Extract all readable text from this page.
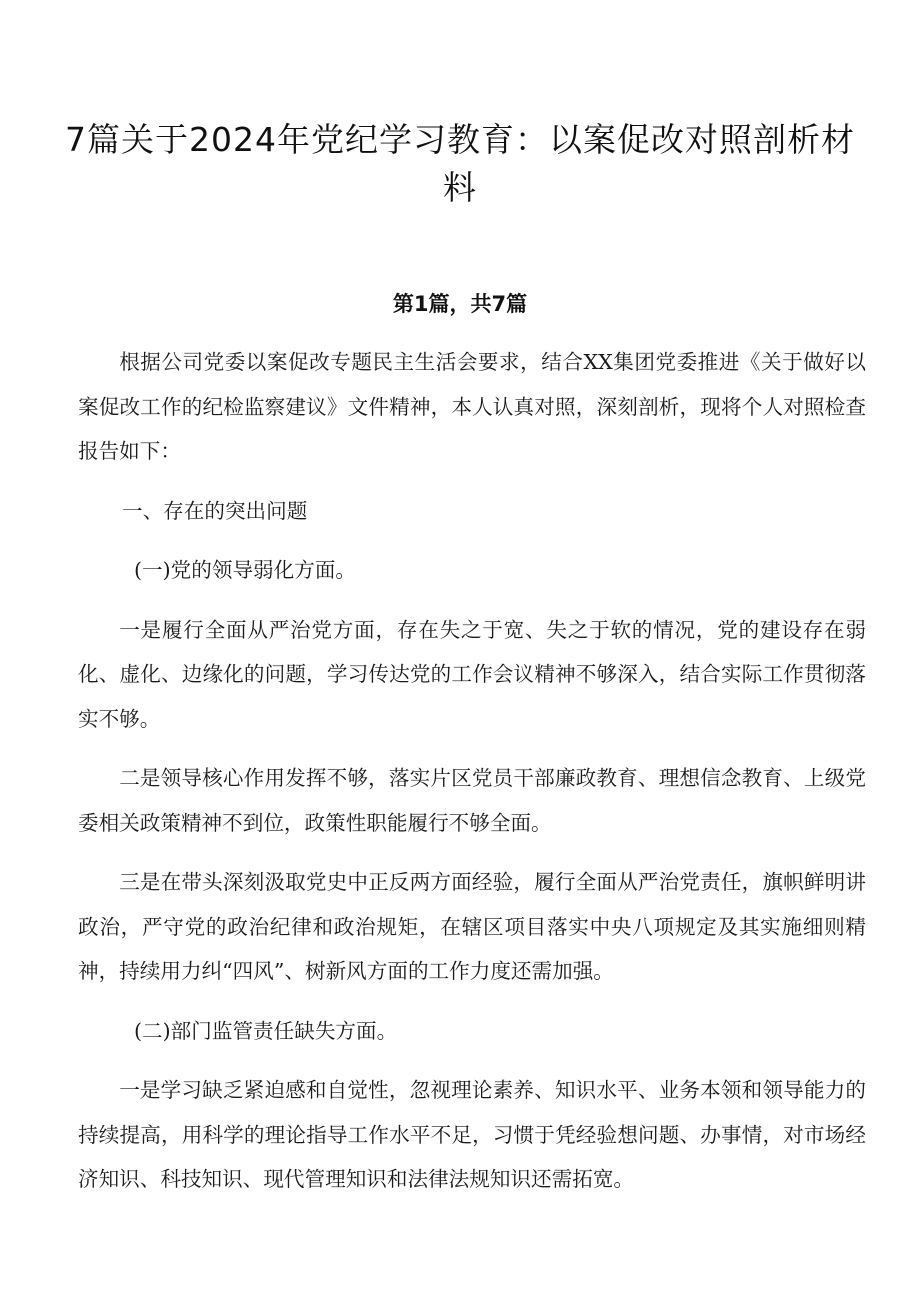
7篇关于2024年党纪学习教育：以案促改对照剖析材料
第1篇，共7篇

根据公司党委以案促改专题民主生活会要求，结合XX集团党委推进《关于做好以案促改工作的纪检监察建议》文件精神，本人认真对照，深刻剖析，现将个人对照检查报告如下：

一、存在的突出问题

(一)党的领导弱化方面。

一是履行全面从严治党方面，存在失之于宽、失之于软的情况，党的建设存在弱化、虚化、边缘化的问题，学习传达党的工作会议精神不够深入，结合实际工作贯彻落实不够。

二是领导核心作用发挥不够，落实片区党员干部廉政教育、理想信念教育、上级党委相关政策精神不到位，政策性职能履行不够全面。

三是在带头深刻汲取党史中正反两方面经验，履行全面从严治党责任，旗帜鲜明讲政治，严守党的政治纪律和政治规矩，在辖区项目落实中央八项规定及其实施细则精神，持续用力纠“四风”、树新风方面的工作力度还需加强。

(二)部门监管责任缺失方面。

一是学习缺乏紧迫感和自觉性，忽视理论素养、知识水平、业务本领和领导能力的持续提高，用科学的理论指导工作水平不足，习惯于凭经验想问题、办事情，对市场经济知识、科技知识、现代管理知识和法律法规知识还需拓宽。
